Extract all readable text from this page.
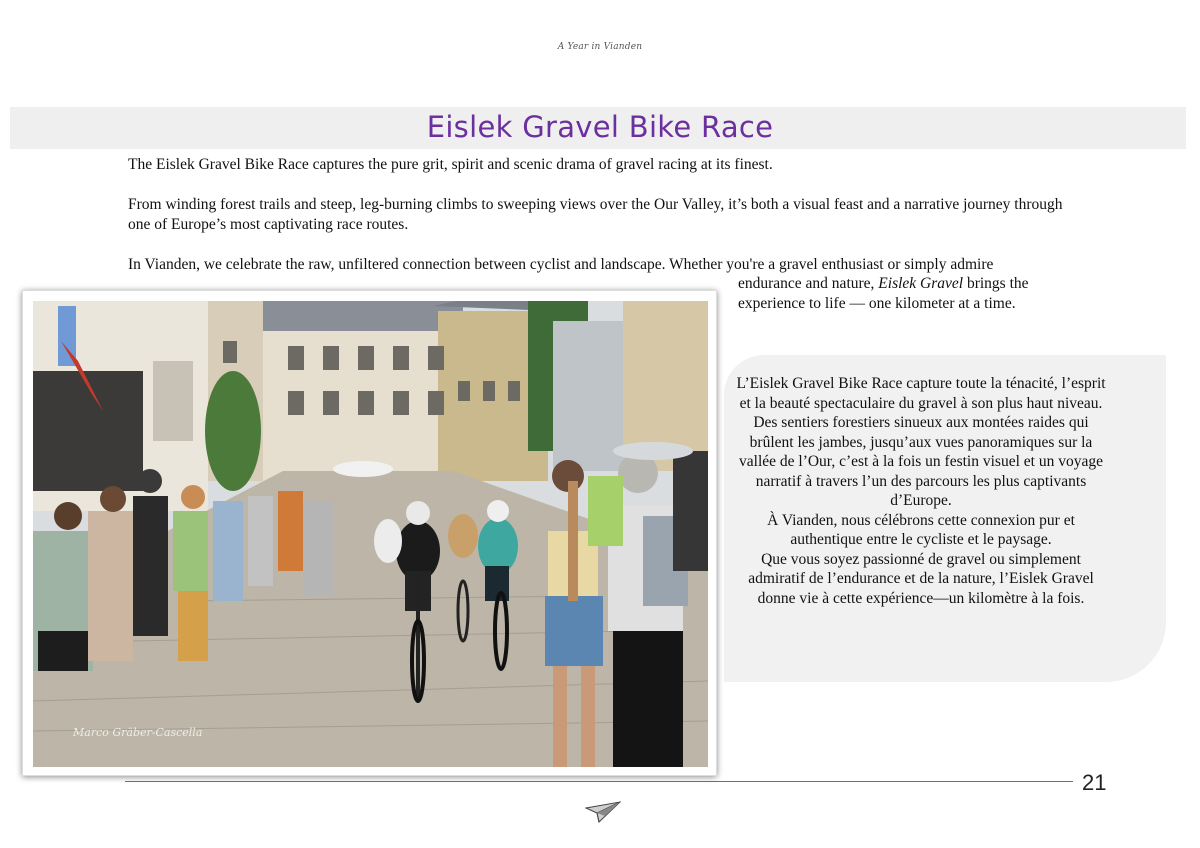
A Year in Vianden
Eislek Gravel Bike Race

The Eislek Gravel Bike Race captures the pure grit, spirit and scenic drama of gravel racing at its finest.

From winding forest trails and steep, leg-burning climbs to sweeping views over the Our Valley, it’s both a visual feast and a narrative journey through one of Europe’s most captivating race routes.

In Vianden, we celebrate the raw, unfiltered connection between cyclist and landscape. Whether you're a gravel enthusiast or simply admire

endurance and nature, Eislek Gravel brings the experience to life — one kilometer at a time.

Marco Gräber-Cascella

L’Eislek Gravel Bike Race capture toute la ténacité, l’esprit et la beauté spectaculaire du gravel à son plus haut niveau.

Des sentiers forestiers sinueux aux montées raides qui brûlent les jambes, jusqu’aux vues panoramiques sur la vallée de l’Our, c’est à la fois un festin visuel et un voyage narratif à travers l’un des parcours les plus captivants d’Europe.

À Vianden, nous célébrons cette connexion pur et authentique entre le cycliste et le paysage.

Que vous soyez passionné de gravel ou simplement admiratif de l’endurance et de la nature, l’Eislek Gravel donne vie à cette expérience—un kilomètre à la fois.

21
